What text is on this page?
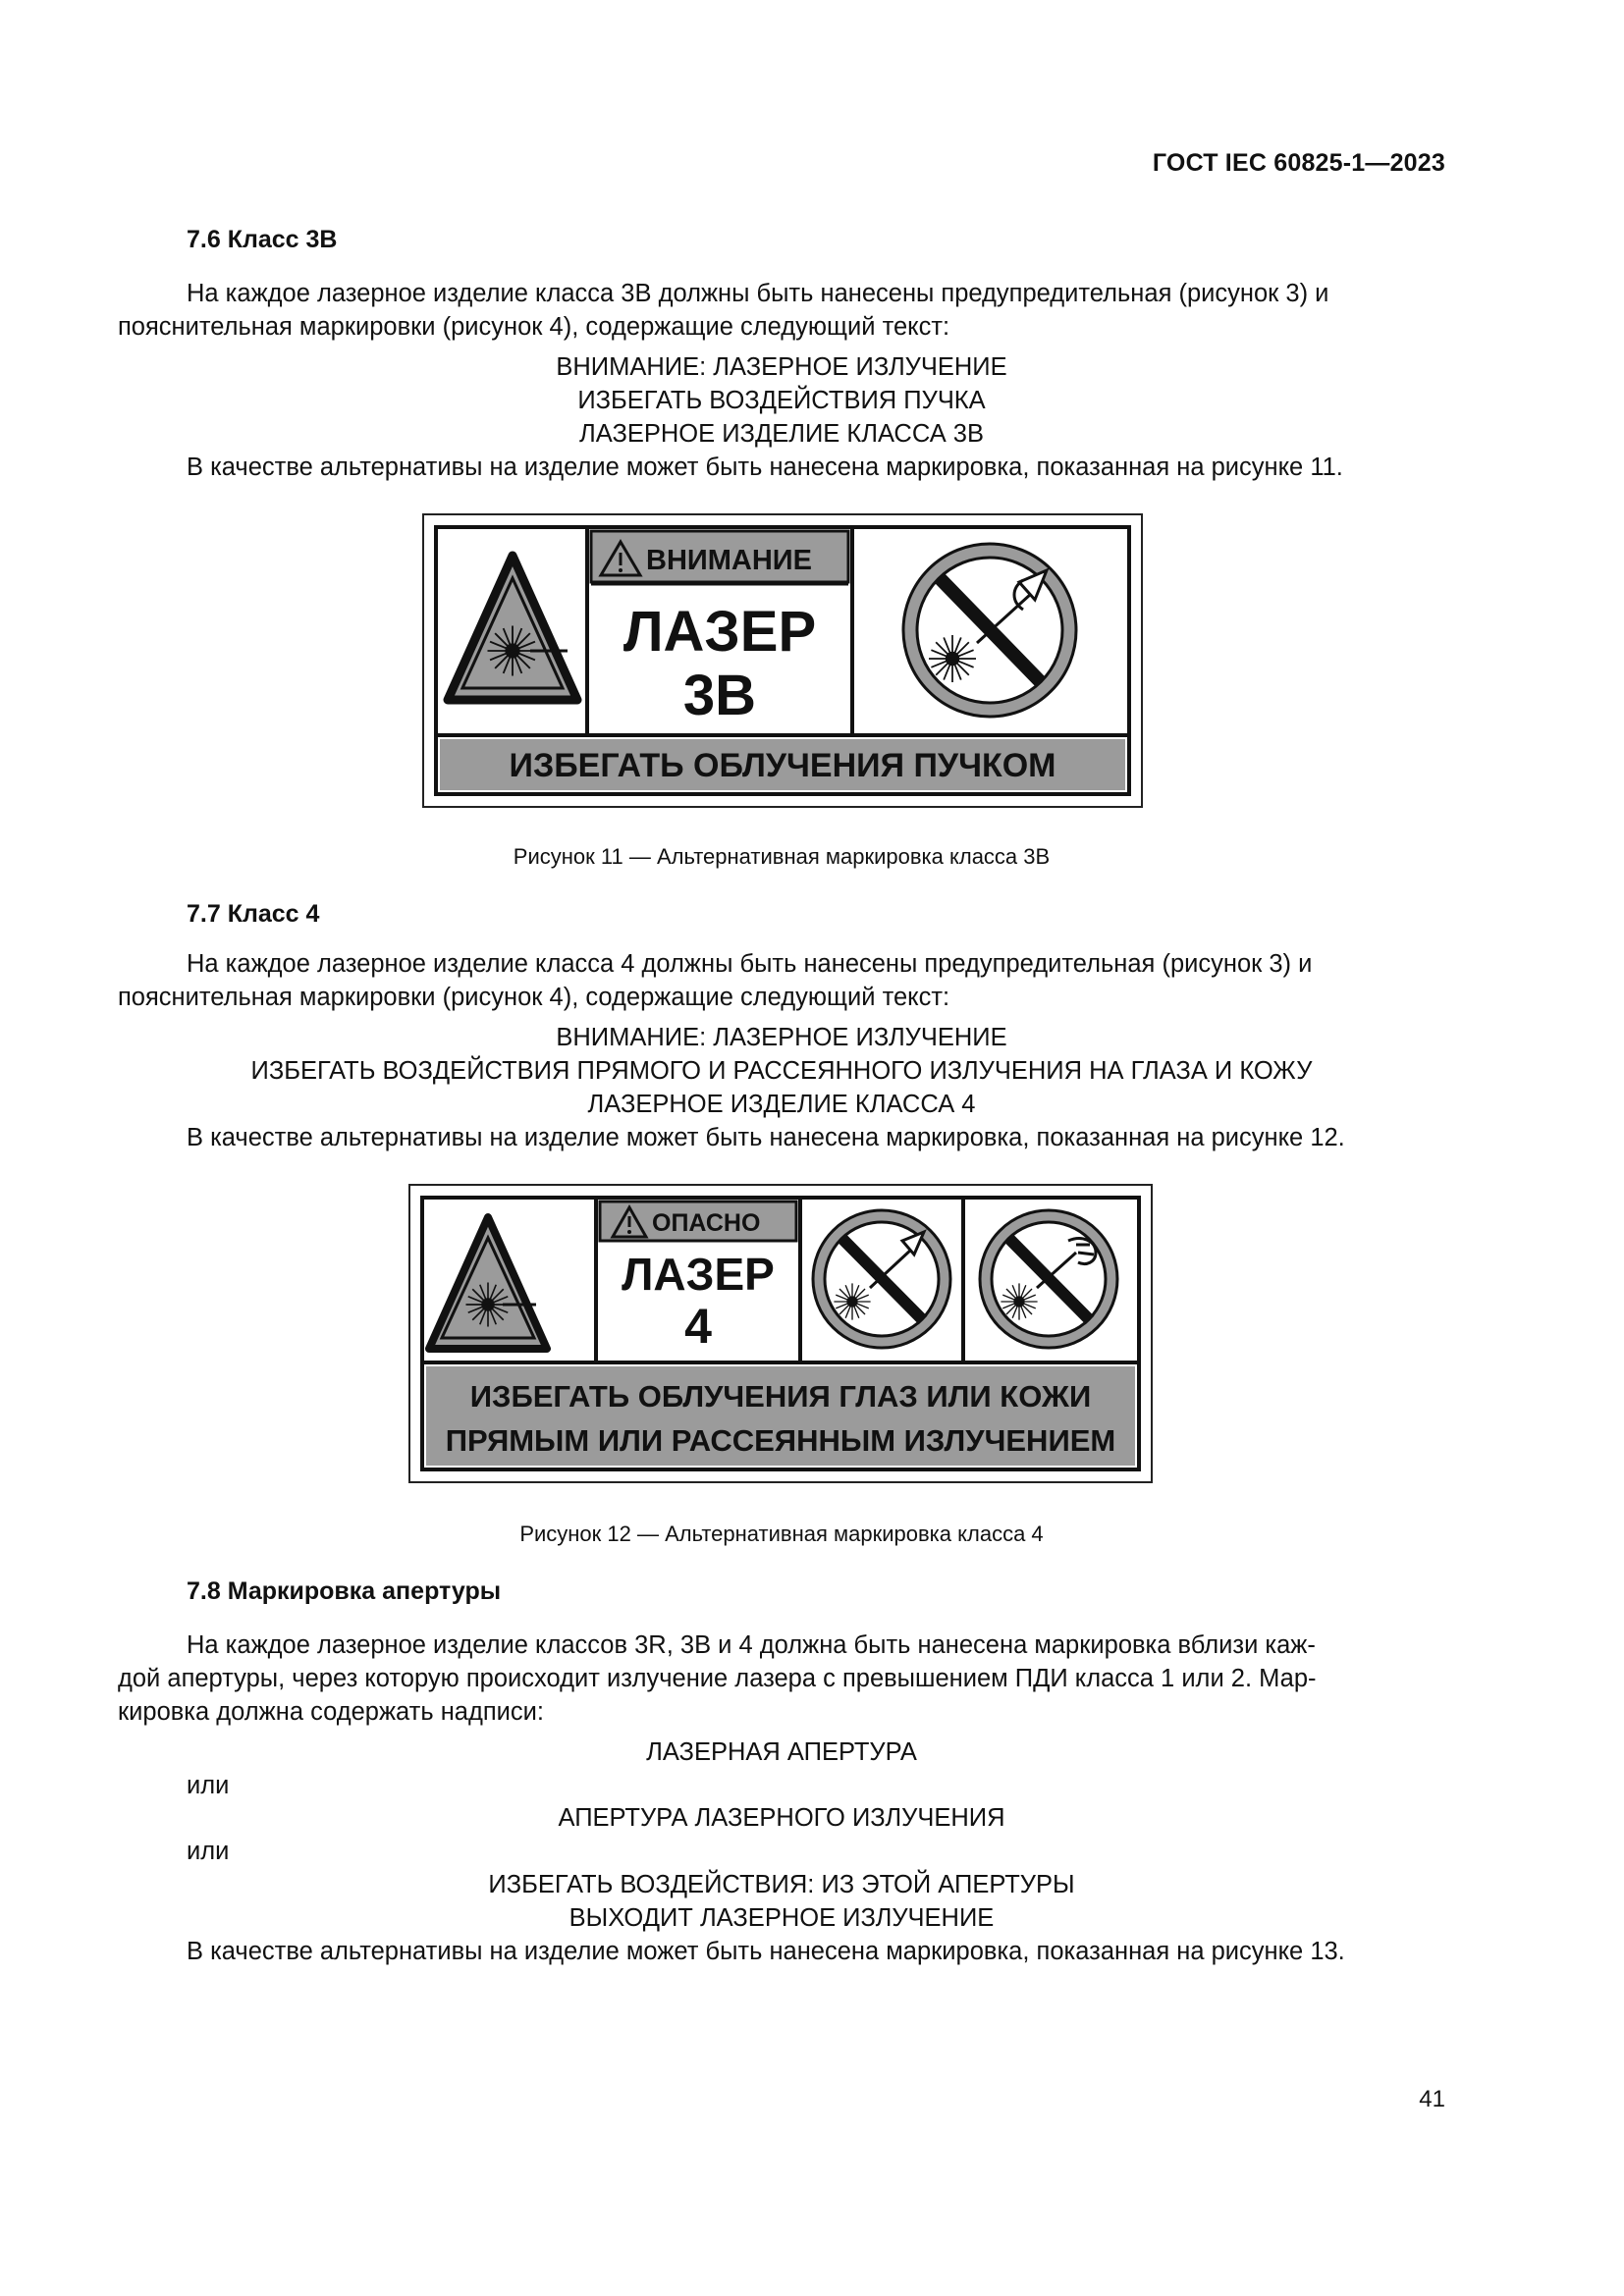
ГОСТ IEC 60825-1—2023
7.6 Класс 3В
На каждое лазерное изделие класса 3В должны быть нанесены предупредительная (рисунок 3) и
пояснительная маркировки (рисунок 4), содержащие следующий текст:
ВНИМАНИЕ: ЛАЗЕРНОЕ ИЗЛУЧЕНИЕ
ИЗБЕГАТЬ ВОЗДЕЙСТВИЯ ПУЧКА
ЛАЗЕРНОЕ ИЗДЕЛИЕ КЛАССА 3В
В качестве альтернативы на изделие может быть нанесена маркировка, показанная на рисунке 11.
ВНИМАНИЕ
ЛАЗЕР
3B
ИЗБЕГАТЬ ОБЛУЧЕНИЯ ПУЧКОМ
Рисунок 11 — Альтернативная маркировка класса 3В
7.7 Класс 4
На каждое лазерное изделие класса 4 должны быть нанесены предупредительная (рисунок 3) и
пояснительная маркировки (рисунок 4), содержащие следующий текст:
ВНИМАНИЕ: ЛАЗЕРНОЕ ИЗЛУЧЕНИЕ
ИЗБЕГАТЬ ВОЗДЕЙСТВИЯ ПРЯМОГО И РАССЕЯННОГО ИЗЛУЧЕНИЯ НА ГЛАЗА И КОЖУ
ЛАЗЕРНОЕ ИЗДЕЛИЕ КЛАССА 4
В качестве альтернативы на изделие может быть нанесена маркировка, показанная на рисунке 12.
ОПАСНО
ЛАЗЕР
4
ИЗБЕГАТЬ ОБЛУЧЕНИЯ ГЛАЗ ИЛИ КОЖИ
ПРЯМЫМ ИЛИ РАССЕЯННЫМ ИЗЛУЧЕНИЕМ
Рисунок 12 — Альтернативная маркировка класса 4
7.8 Маркировка апертуры
На каждое лазерное изделие классов 3R, 3В и 4 должна быть нанесена маркировка вблизи каж-
дой апертуры, через которую происходит излучение лазера с превышением ПДИ класса 1 или 2. Мар-
кировка должна содержать надписи:
ЛАЗЕРНАЯ АПЕРТУРА
или
АПЕРТУРА ЛАЗЕРНОГО ИЗЛУЧЕНИЯ
или
ИЗБЕГАТЬ ВОЗДЕЙСТВИЯ: ИЗ ЭТОЙ АПЕРТУРЫ
ВЫХОДИТ ЛАЗЕРНОЕ ИЗЛУЧЕНИЕ
В качестве альтернативы на изделие может быть нанесена маркировка, показанная на рисунке 13.
41
